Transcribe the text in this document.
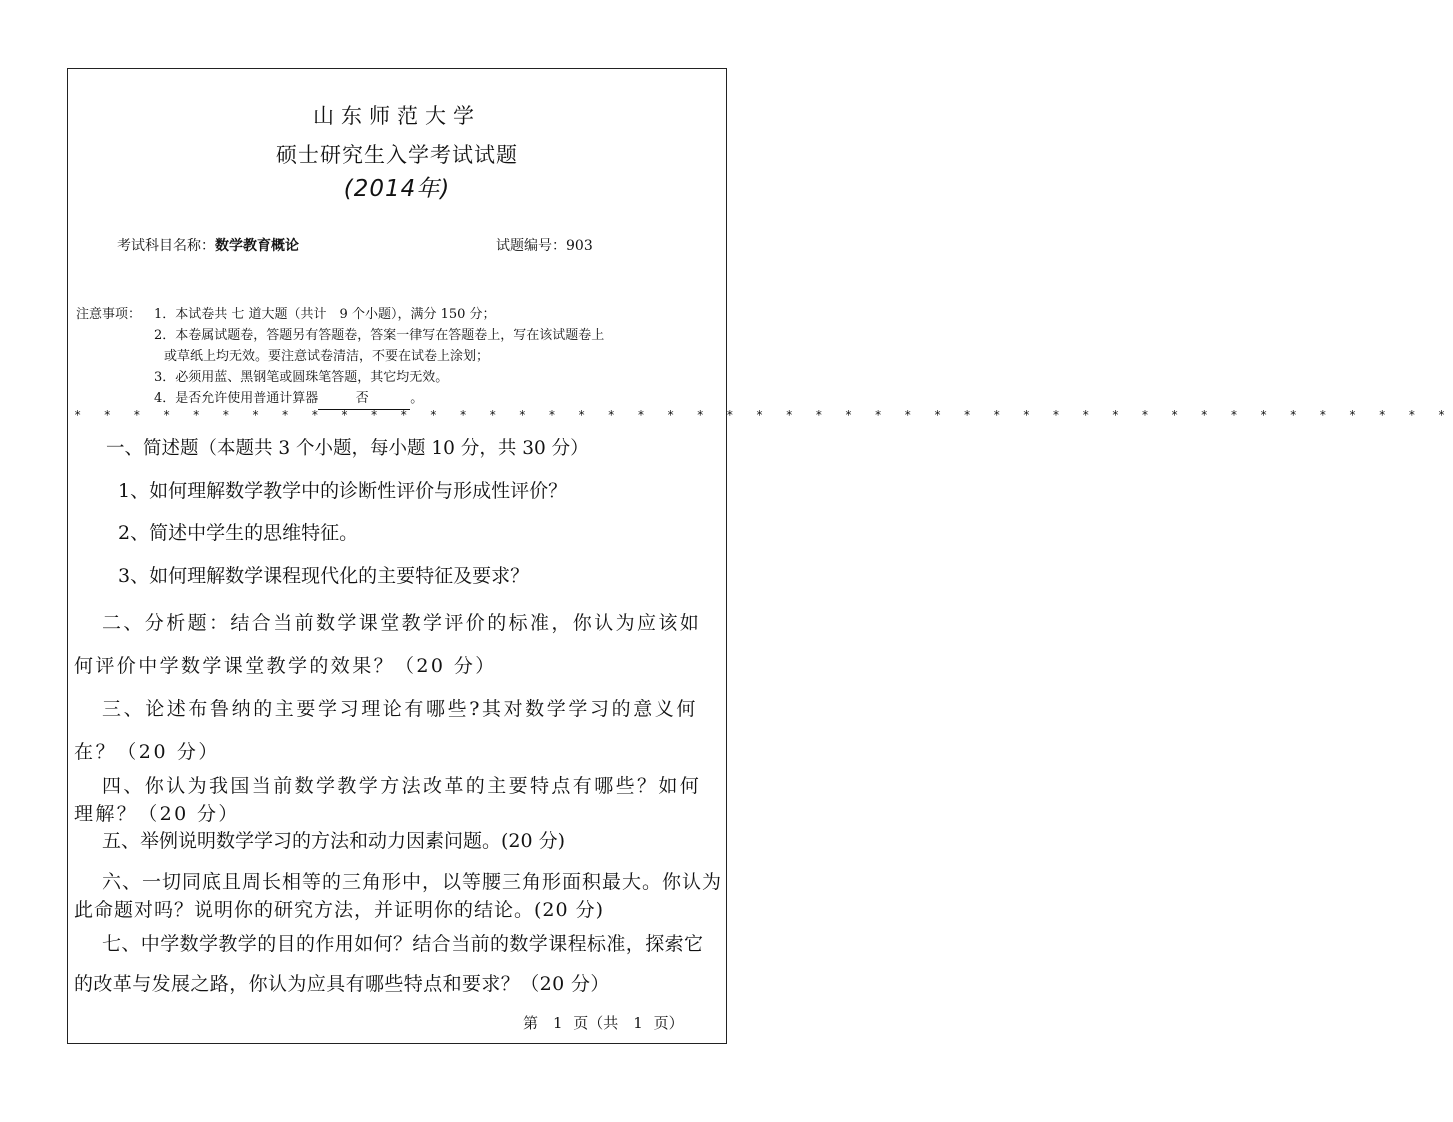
山东师范大学
硕士研究生入学考试试题
(2014年)
考试科目名称：数学教育概论	试题编号：903
注意事项： 1．本试卷共 七 道大题（共计　9 个小题），满分 150 分；
2．本卷属试题卷，答题另有答题卷，答案一律写在答题卷上，写在该试题卷上
或草纸上均无效。要注意试卷清洁，不要在试卷上涂划；
3．必须用蓝、黑钢笔或圆珠笔答题，其它均无效。
4．是否允许使用普通计算器	否	。
* * * * * * * * * * * * * * * * * * * * * * * * * * * * * * * * * * * * * * * * * * * * * * *
一、简述题（本题共 3 个小题，每小题 10 分，共 30 分）
1、如何理解数学教学中的诊断性评价与形成性评价？
2、简述中学生的思维特征。
3、如何理解数学课程现代化的主要特征及要求？
二、分析题：结合当前数学课堂教学评价的标准，你认为应该如何评价中学数学课堂教学的效果？（20 分）
三、论述布鲁纳的主要学习理论有哪些?其对数学学习的意义何在？（20 分）
四、你认为我国当前数学教学方法改革的主要特点有哪些？如何理解？（20 分）
五、举例说明数学学习的方法和动力因素问题。(20 分)
六、一切同底且周长相等的三角形中，以等腰三角形面积最大。你认为此命题对吗？说明你的研究方法，并证明你的结论。(20 分)
七、中学数学教学的目的作用如何？结合当前的数学课程标准，探索它的改革与发展之路，你认为应具有哪些特点和要求？（20 分）
第　1 页（共　1 页）
